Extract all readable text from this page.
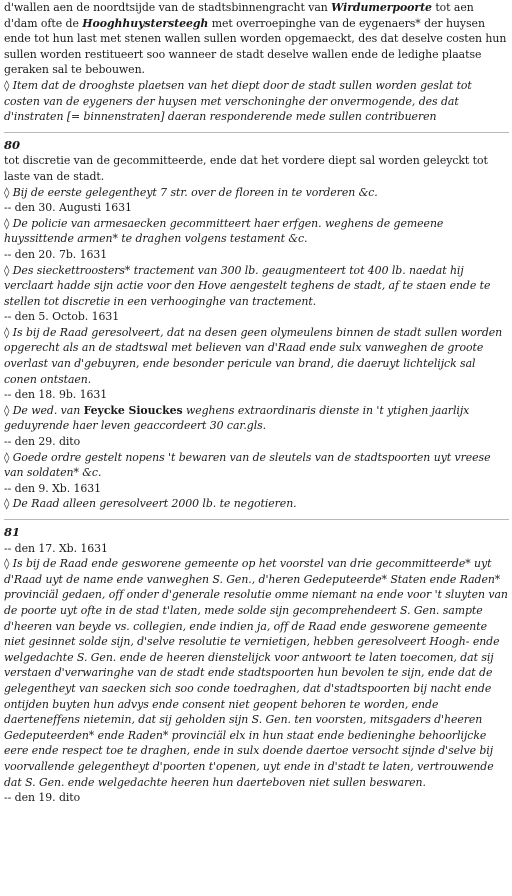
d'wallen aen de noordtsijde van de stadtsbinnengracht van Wirdumerpoorte tot aen d'dam ofte de Hooghhuystersteegh met overroepinghe van de eygenaers* der huysen ende tot hun last met stenen wallen sullen worden opgemaeckt, des dat deselve costen hun sullen worden restitueert soo wanneer de stadt deselve wallen ende de ledighe plaatse geraken sal te bebouwen.

◊ Item dat de drooghste plaetsen van het diept door de stadt sullen worden geslat tot costen van de eygeners der huysen met verschoninghe der onvermogende, des dat d'instraten [= binnenstraten] daeran responderende mede sullen contribueren

80

tot discretie van de gecommitteerde, ende dat het vordere diept sal worden geleyckt tot laste van de stadt.

◊ Bij de eerste gelegentheyt 7 str. over de floreen in te vorderen &c.

-- den 30. Augusti 1631

◊ De policie van armesaecken gecommitteert haer erfgen. weghens de gemeene huyssittende armen* te draghen volgens testament &c.

-- den 20. 7b. 1631

◊ Des sieckettroosters* tractement van 300 lb. geaugmenteert tot 400 lb. naedat hij verclaart hadde sijn actie voor den Hove aengestelt teghens de stadt, af te staen ende te stellen tot discretie in een verhooginghe van tractement.

-- den 5. Octob. 1631

◊ Is bij de Raad geresolveert, dat na desen geen olymeulens binnen de stadt sullen worden opgerecht als an de stadtswal met believen van d'Raad ende sulx vanweghen de groote overlast van d'gebuyren, ende besonder pericule van brand, die daeruyt lichtelijck sal conen ontstaen.

-- den 18. 9b. 1631

◊ De wed. van Feycke Siouckes weghens extraordinaris dienste in 't ytighen jaarlijx geduyrende haer leven geaccordeert 30 car.gls.

-- den 29. dito

◊ Goede ordre gestelt nopens 't bewaren van de sleutels van de stadtspoorten uyt vreese van soldaten* &c.

-- den 9. Xb. 1631

◊ De Raad alleen geresolveert 2000 lb. te negotieren.

81

-- den 17. Xb. 1631

◊ Is bij de Raad ende gesworene gemeente op het voorstel van drie gecommitteerde* uyt d'Raad uyt de name ende vanweghen S. Gen., d'heren Gedeputeerde* Staten ende Raden* provinciäl gedaen, off onder d'generale resolutie omme niemant na ende voor 't sluyten van de poorte uyt ofte in de stad t'laten, mede solde sijn gecomprehendeert S. Gen. sampte d'heeren van beyde vs. collegien, ende indien ja, off de Raad ende gesworene gemeente niet gesinnet solde sijn, d'selve resolutie te vernietigen, hebben geresolveert Hoogh- ende welgedachte S. Gen. ende de heeren dienstelijck voor antwoort te laten toecomen, dat sij verstaen d'verwaringhe van de stadt ende stadtspoorten hun bevolen te sijn, ende dat de gelegentheyt van saecken sich soo conde toedraghen, dat d'stadtspoorten bij nacht ende ontijden buyten hun advys ende consent niet geopent behoren te worden, ende daerteneffens nietemin, dat sij geholden sijn S. Gen. ten voorsten, mitsgaders d'heeren Gedeputeerden* ende Raden* provinciäl elx in hun staat ende bedieninghe behoorlijcke eere ende respect toe te draghen, ende in sulx doende daertoe versocht sijnde d'selve bij voorvallende gelegentheyt d'poorten t'openen, uyt ende in d'stadt te laten, vertrouwende dat S. Gen. ende welgedachte heeren hun daerteboven niet sullen beswaren.

-- den 19. dito
